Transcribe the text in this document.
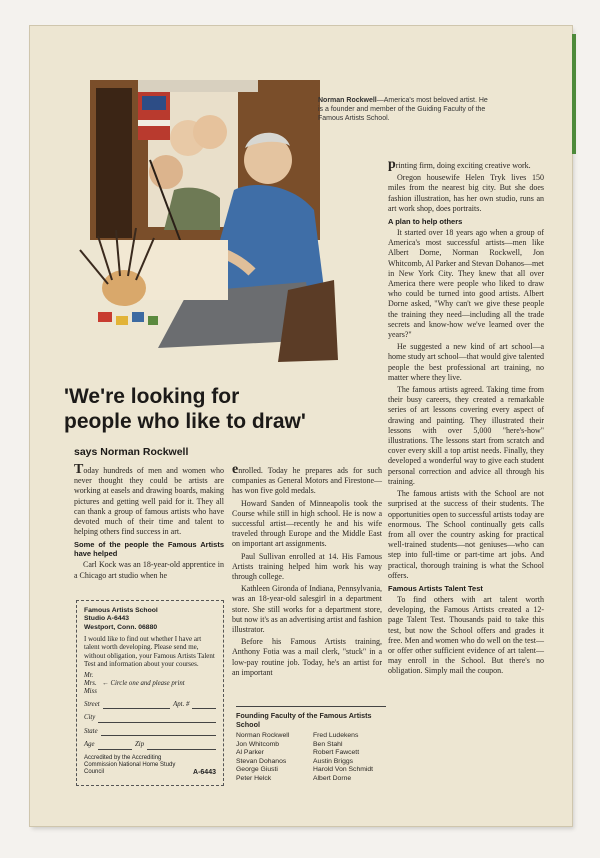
Norman Rockwell—America's most beloved artist. He is a founder and member of the Guiding Faculty of the Famous Artists School.
'We're looking for
people who like to draw'
says Norman Rockwell

Today hundreds of men and women who never thought they could be artists are working at easels and drawing boards, making pictures and getting well paid for it. They all can thank a group of famous artists who have devoted much of their time and talent to helping others find success in art.

Some of the people the Famous Artists have helped

Carl Kock was an 18-year-old apprentice in a Chicago art studio when he

Famous Artists School
Studio A-6443
Westport, Conn. 06880
I would like to find out whether I have art talent worth developing. Please send me, without obligation, your Famous Artists Talent Test and information about your courses.
Mr.
Mrs.
Miss
← Circle one and please print
Street	Apt. #
City
State
Age	Zip
Accredited by the Accrediting Commission National Home Study Council	A-6443

enrolled. Today he prepares ads for such companies as General Motors and Firestone—has won five gold medals.

Howard Sanden of Minneapolis took the Course while still in high school. He is now a successful artist—recently he and his wife traveled through Europe and the Middle East on important art assignments.

Paul Sullivan enrolled at 14. His Famous Artists training helped him work his way through college.

Kathleen Gironda of Indiana, Pennsylvania, was an 18-year-old salesgirl in a department store. She still works for a department store, but now it's as an advertising artist and fashion illustrator.

Before his Famous Artists training, Anthony Fotia was a mail clerk, "stuck" in a low-pay routine job. Today, he's an artist for an important

Founding Faculty of the Famous Artists School
Norman Rockwell	Fred Ludekens
Jon Whitcomb	Ben Stahl
Al Parker	Robert Fawcett
Stevan Dohanos	Austin Briggs
George Giusti	Harold Von Schmidt
Peter Helck	Albert Dorne

printing firm, doing exciting creative work.

Oregon housewife Helen Tryk lives 150 miles from the nearest big city. But she does fashion illustration, has her own studio, runs an art work shop, does portraits.

A plan to help others

It started over 18 years ago when a group of America's most successful artists—men like Albert Dorne, Norman Rockwell, Jon Whitcomb, Al Parker and Stevan Dohanos—met in New York City. They knew that all over America there were people who liked to draw who could be turned into good artists. Albert Dorne asked, "Why can't we give these people the training they need—including all the trade secrets and know-how we've learned over the years?"

He suggested a new kind of art school—a home study art school—that would give talented people the best professional art training, no matter where they live.

The famous artists agreed. Taking time from their busy careers, they created a remarkable series of art lessons covering every aspect of drawing and painting. They illustrated their lessons with over 5,000 "here's-how" illustrations. The lessons start from scratch and cover every skill a top artist needs. Finally, they developed a wonderful way to give each student personal correction and advice all through his training.

The famous artists with the School are not surprised at the success of their students. The opportunities open to successful artists today are enormous. The School continually gets calls from all over the country asking for practical well-trained students—not geniuses—who can step into full-time or part-time art jobs. And practical, thorough training is what the School offers.

Famous Artists Talent Test

To find others with art talent worth developing, the Famous Artists created a 12-page Talent Test. Thousands paid to take this test, but now the School offers and grades it free. Men and women who do well on the test—or offer other sufficient evidence of art talent—may enroll in the School. But there's no obligation. Simply mail the coupon.
